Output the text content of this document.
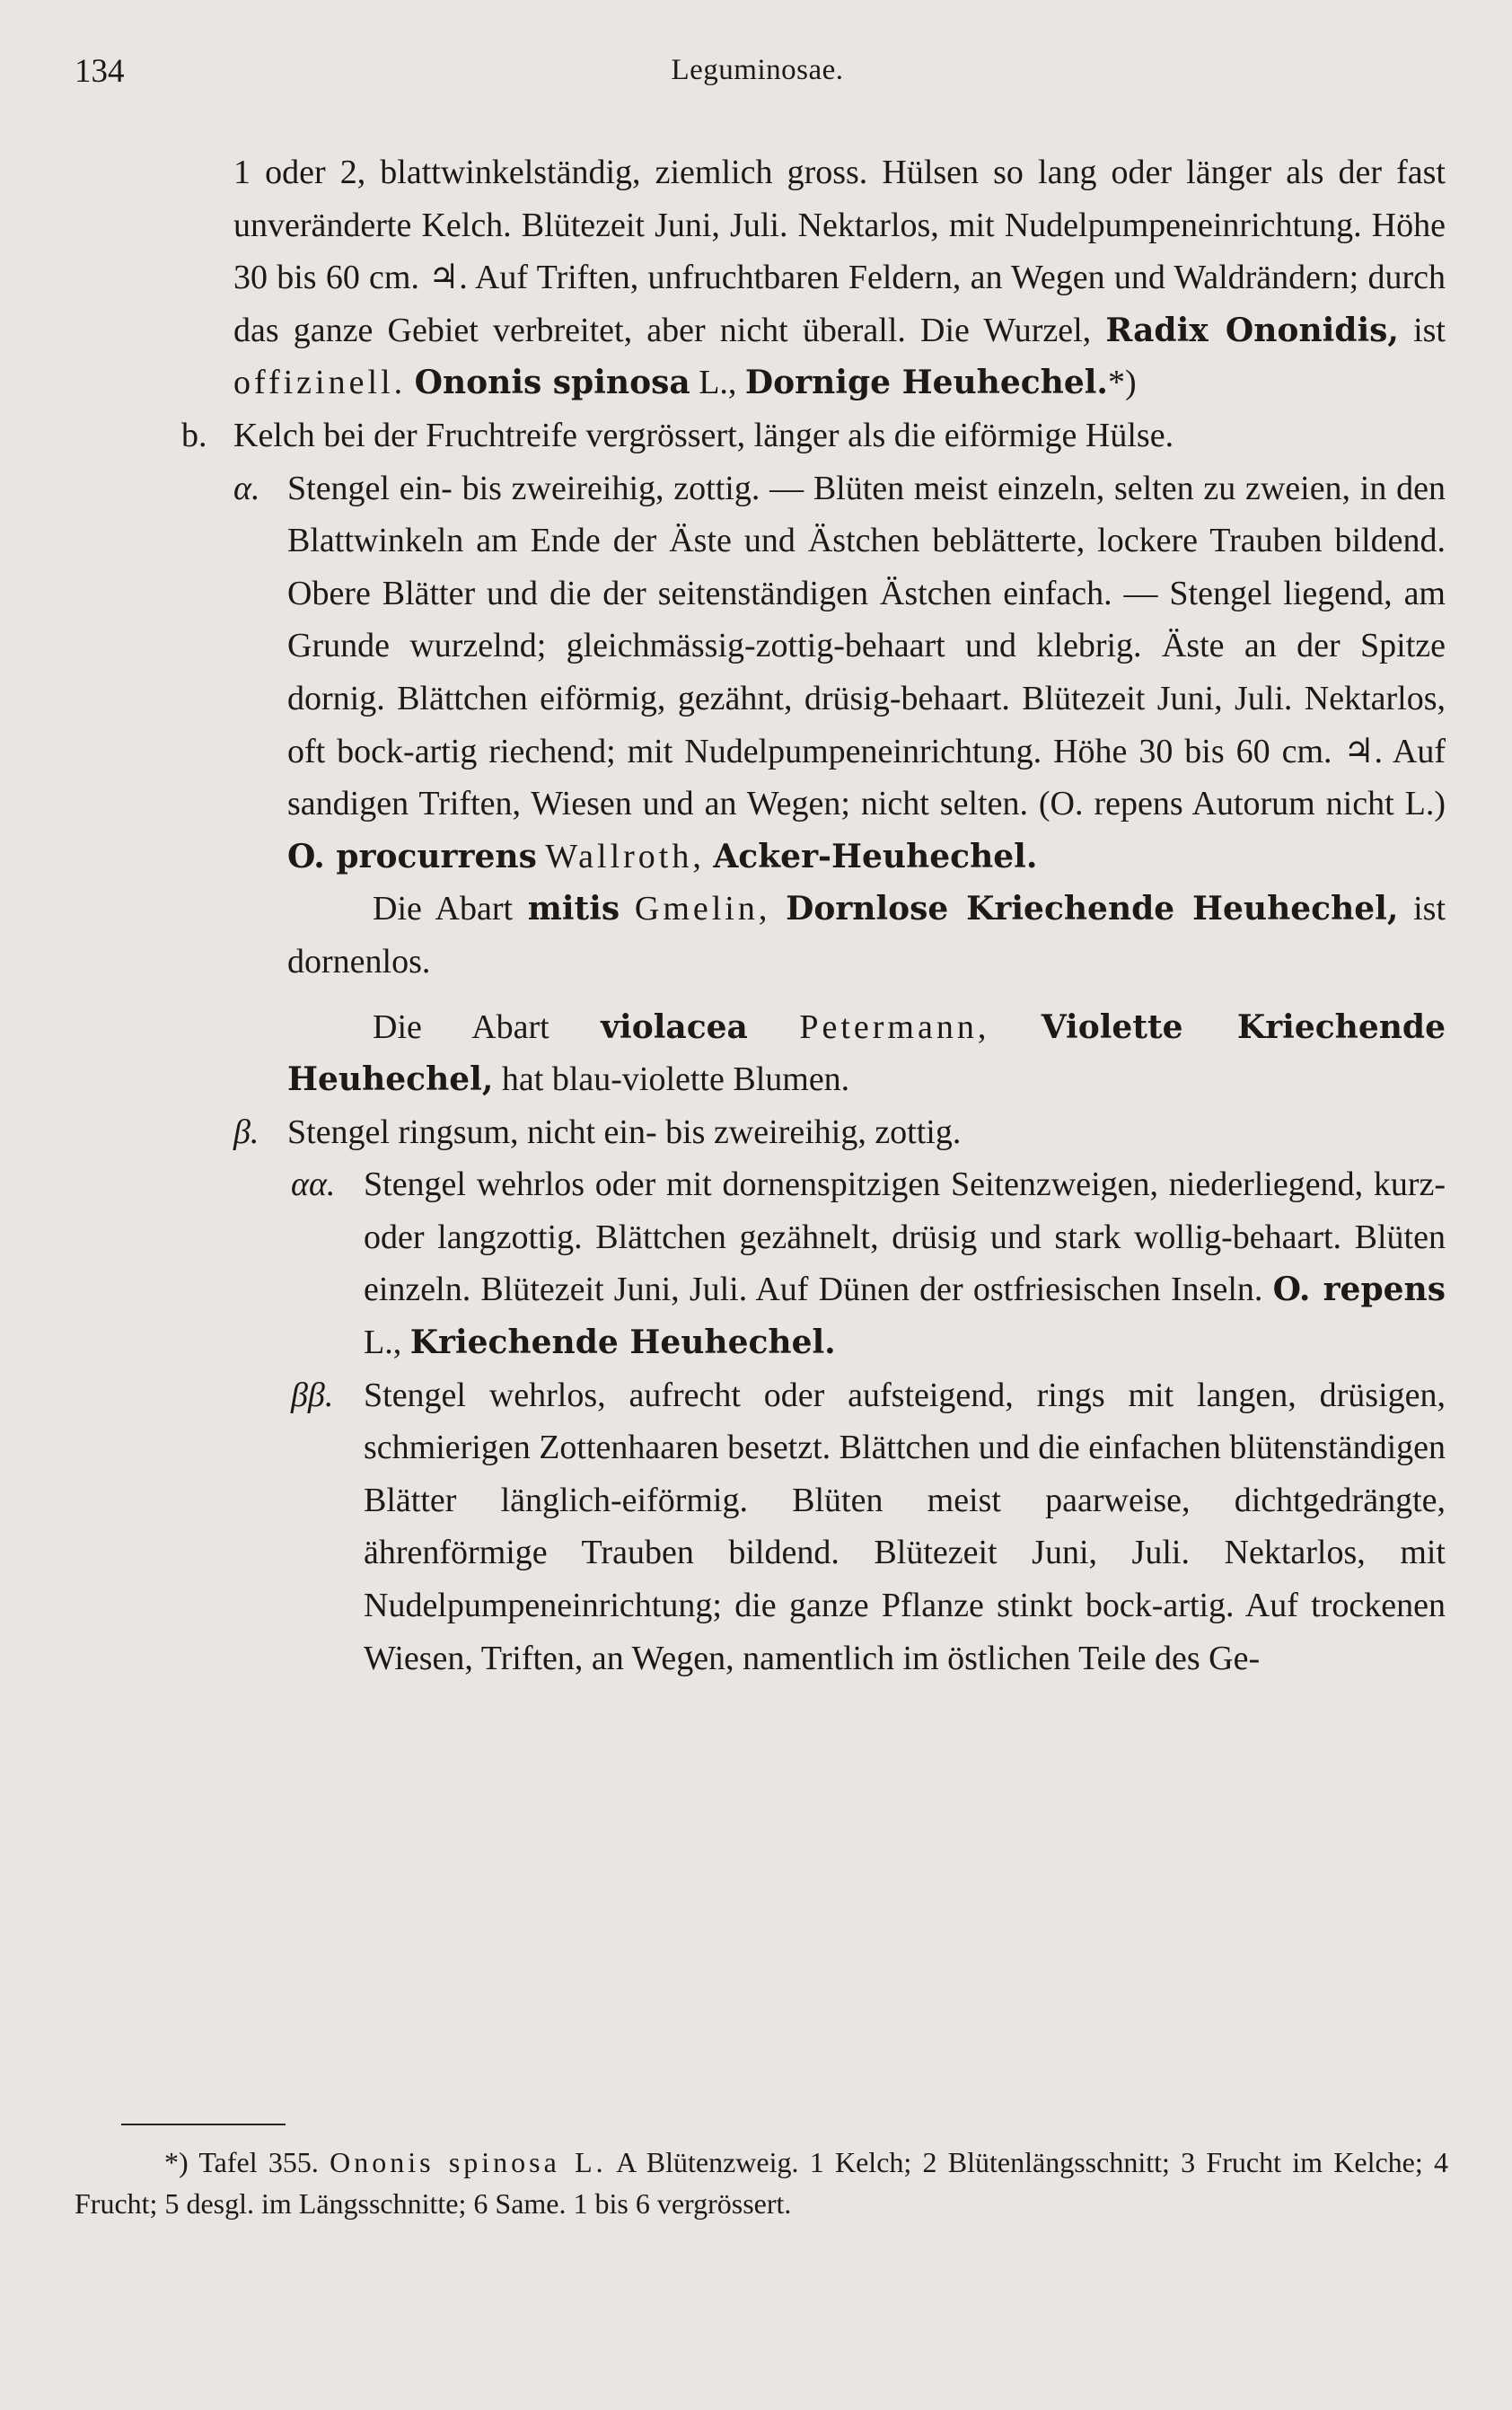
134	Leguminosae.

1 oder 2, blattwinkelständig, ziemlich gross. Hülsen so lang oder länger als der fast unveränderte Kelch. Blütezeit Juni, Juli. Nektarlos, mit Nudelpumpeneinrichtung. Höhe 30 bis 60 cm. ♃. Auf Triften, unfruchtbaren Feldern, an Wegen und Waldrändern; durch das ganze Gebiet verbreitet, aber nicht überall. Die Wurzel, Radix Ononidis, ist offizinell. Ononis spinosa L., Dornige Heuhechel.*)

b. Kelch bei der Fruchtreife vergrössert, länger als die eiförmige Hülse.

α. Stengel ein- bis zweireihig, zottig. — Blüten meist einzeln, selten zu zweien, in den Blattwinkeln am Ende der Äste und Ästchen beblätterte, lockere Trauben bildend. Obere Blätter und die der seitenständigen Ästchen einfach. — Stengel liegend, am Grunde wurzelnd; gleichmässig-zottig-behaart und klebrig. Äste an der Spitze dornig. Blättchen eiförmig, gezähnt, drüsig-behaart. Blütezeit Juni, Juli. Nektarlos, oft bock-artig riechend; mit Nudelpumpeneinrichtung. Höhe 30 bis 60 cm. ♃. Auf sandigen Triften, Wiesen und an Wegen; nicht selten. (O. repens Autorum nicht L.) O. procurrens Wallroth, Acker-Heuhechel.

Die Abart mitis Gmelin, Dornlose Kriechende Heuhechel, ist dornenlos.

Die Abart violacea Petermann, Violette Kriechende Heuhechel, hat blau-violette Blumen.

β. Stengel ringsum, nicht ein- bis zweireihig, zottig.

αα. Stengel wehrlos oder mit dornenspitzigen Seitenzweigen, niederliegend, kurz- oder langzottig. Blättchen gezähnelt, drüsig und stark wollig-behaart. Blüten einzeln. Blütezeit Juni, Juli. Auf Dünen der ostfriesischen Inseln. O. repens L., Kriechende Heuhechel.

ββ. Stengel wehrlos, aufrecht oder aufsteigend, rings mit langen, drüsigen, schmierigen Zottenhaaren besetzt. Blättchen und die einfachen blütenständigen Blätter länglich-eiförmig. Blüten meist paarweise, dichtgedrängte, ährenförmige Trauben bildend. Blütezeit Juni, Juli. Nektarlos, mit Nudelpumpeneinrichtung; die ganze Pflanze stinkt bock-artig. Auf trockenen Wiesen, Triften, an Wegen, namentlich im östlichen Teile des Ge-

*) Tafel 355. Ononis spinosa L. A Blütenzweig. 1 Kelch; 2 Blütenlängsschnitt; 3 Frucht im Kelche; 4 Frucht; 5 desgl. im Längsschnitte; 6 Same. 1 bis 6 vergrössert.
